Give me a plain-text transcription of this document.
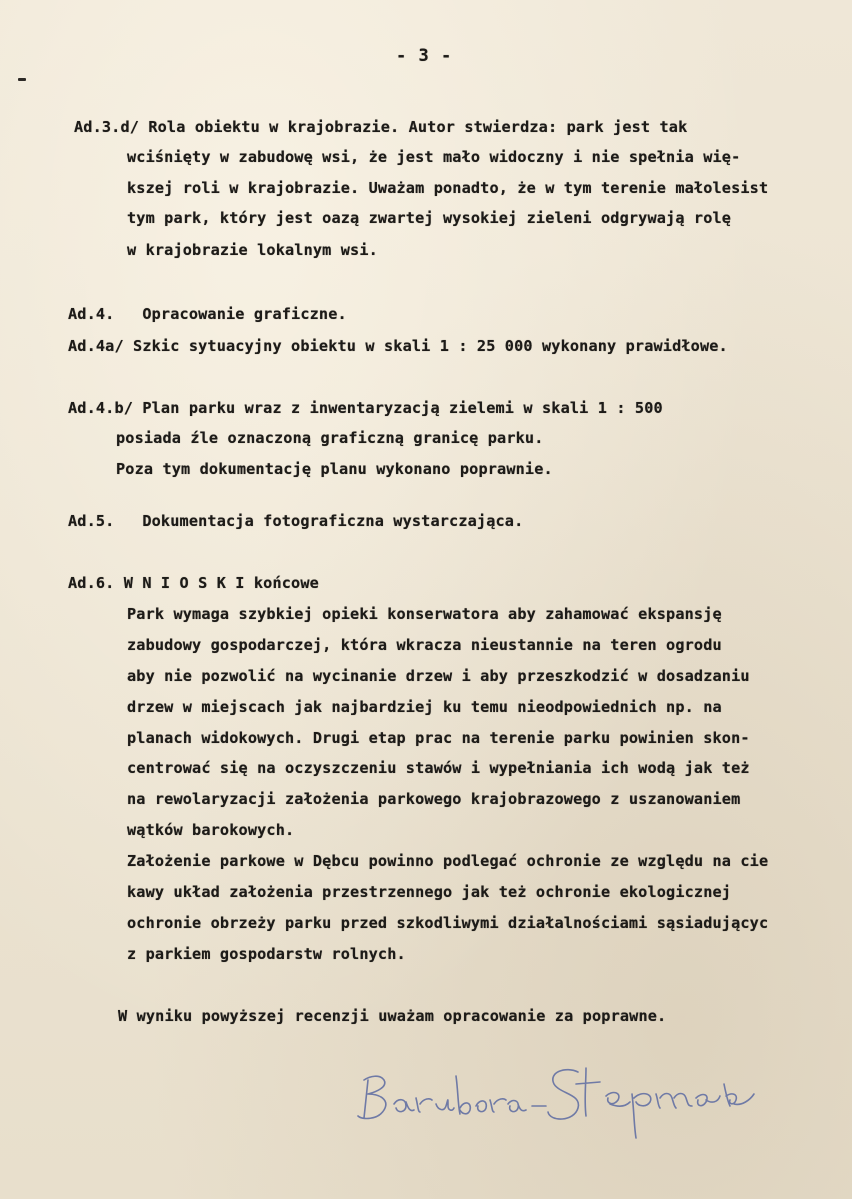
- 3 -
Ad.3.d/ Rola obiektu w krajobrazie. Autor stwierdza: park jest tak
wciśnięty w zabudowę wsi, że jest mało widoczny i nie spełnia wię-
kszej roli w krajobrazie. Uważam ponadto, że w tym terenie małolesist
tym park, który jest oazą zwartej wysokiej zieleni odgrywają rolę
w krajobrazie lokalnym wsi.
Ad.4.   Opracowanie graficzne.
Ad.4a/ Szkic sytuacyjny obiektu w skali 1 : 25 000 wykonany prawidłowe.
Ad.4.b/ Plan parku wraz z inwentaryzacją zielemi w skali 1 : 500
posiada źle oznaczoną graficzną granicę parku.
Poza tym dokumentację planu wykonano poprawnie.
Ad.5.   Dokumentacja fotograficzna wystarczająca.
Ad.6. W N I O S K I końcowe
Park wymaga szybkiej opieki konserwatora aby zahamować ekspansję
zabudowy gospodarczej, która wkracza nieustannie na teren ogrodu
aby nie pozwolić na wycinanie drzew i aby przeszkodzić w dosadzaniu
drzew w miejscach jak najbardziej ku temu nieodpowiednich np. na
planach widokowych. Drugi etap prac na terenie parku powinien skon-
centrować się na oczyszczeniu stawów i wypełniania ich wodą jak też
na rewolaryzacji założenia parkowego krajobrazowego z uszanowaniem
wątków barokowych.
Założenie parkowe w Dębcu powinno podlegać ochronie ze względu na cie
kawy układ założenia przestrzennego jak też ochronie ekologicznej
ochronie obrzeży parku przed szkodliwymi działalnościami sąsiadującyc
z parkiem gospodarstw rolnych.
W wyniku powyższej recenzji uważam opracowanie za poprawne.
